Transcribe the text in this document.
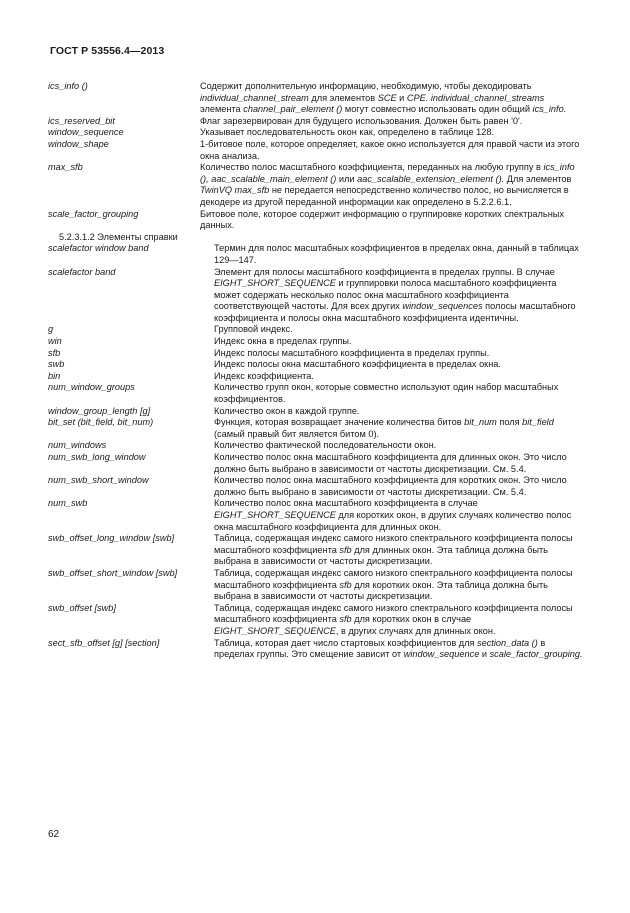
ГОСТ Р 53556.4—2013
ics_info ()	Содержит дополнительную информацию, необходимую, чтобы декодировать individual_channel_stream для элементов SCE и CPE. individual_channel_streams элемента channel_pair_element () могут совместно использовать один общий ics_info.
ics_reserved_bit	Флаг зарезервирован для будущего использования. Должен быть равен '0'.
window_sequence	Указывает последовательность окон как, определено в таблице 128.
window_shape	1-битовое поле, которое определяет, какое окно используется для правой части из этого окна анализа.
max_sfb	Количество полос масштабного коэффициента, переданных на любую группу в ics_info (), aac_scalable_main_element () или aac_scalable_extension_element (). Для элементов TwinVQ max_sfb не передается непосредственно количество полос, но вычисляется в декодере из другой переданной информации как определено в 5.2.2.6.1.
scale_factor_grouping	Битовое поле, которое содержит информацию о группировке коротких спектральных данных.
5.2.3.1.2 Элементы справки
scalefactor window band	Термин для полос масштабных коэффициентов в пределах окна, данный в таблицах 129—147.
scalefactor band	Элемент для полосы масштабного коэффициента в пределах группы. В случае EIGHT_SHORT_SEQUENCE и группировки полоса масштабного коэффициента может содержать несколько полос окна масштабного коэффициента соответствующей частоты. Для всех других window_sequences полосы масштабного коэффициента и полосы окна масштабного коэффициента идентичны.
g	Групповой индекс.
win	Индекс окна в пределах группы.
sfb	Индекс полосы масштабного коэффициента в пределах группы.
swb	Индекс полосы окна масштабного коэффициента в пределах окна.
bin	Индекс коэффициента.
num_window_groups	Количество групп окон, которые совместно используют один набор масштабных коэффициентов.
window_group_length [g]	Количество окон в каждой группе.
bit_set (bit_field, bit_num)	Функция, которая возвращает значение количества битов bit_num поля bit_field (самый правый бит является битом 0).
num_windows	Количество фактической последовательности окон.
num_swb_long_window	Количество полос окна масштабного коэффициента для длинных окон. Это число должно быть выбрано в зависимости от частоты дискретизации. См. 5.4.
num_swb_short_window	Количество полос окна масштабного коэффициента для коротких окон. Это число должно быть выбрано в зависимости от частоты дискретизации. См. 5.4.
num_swb	Количество полос окна масштабного коэффициента в случае EIGHT_SHORT_SEQUENCE для коротких окон, в других случаях количество полос окна масштабного коэффициента для длинных окон.
swb_offset_long_window [swb]	Таблица, содержащая индекс самого низкого спектрального коэффициента полосы масштабного коэффициента sfb для длинных окон. Эта таблица должна быть выбрана в зависимости от частоты дискретизации.
swb_offset_short_window [swb]	Таблица, содержащая индекс самого низкого спектрального коэффициента полосы масштабного коэффициента sfb для коротких окон. Эта таблица должна быть выбрана в зависимости от частоты дискретизации.
swb_offset [swb]	Таблица, содержащая индекс самого низкого спектрального коэффициента полосы масштабного коэффициента sfb для коротких окон в случае EIGHT_SHORT_SEQUENCE, в других случаях для длинных окон.
sect_sfb_offset [g] [section]	Таблица, которая дает число стартовых коэффициентов для section_data () в пределах группы. Это смещение зависит от window_sequence и scale_factor_grouping.
62
